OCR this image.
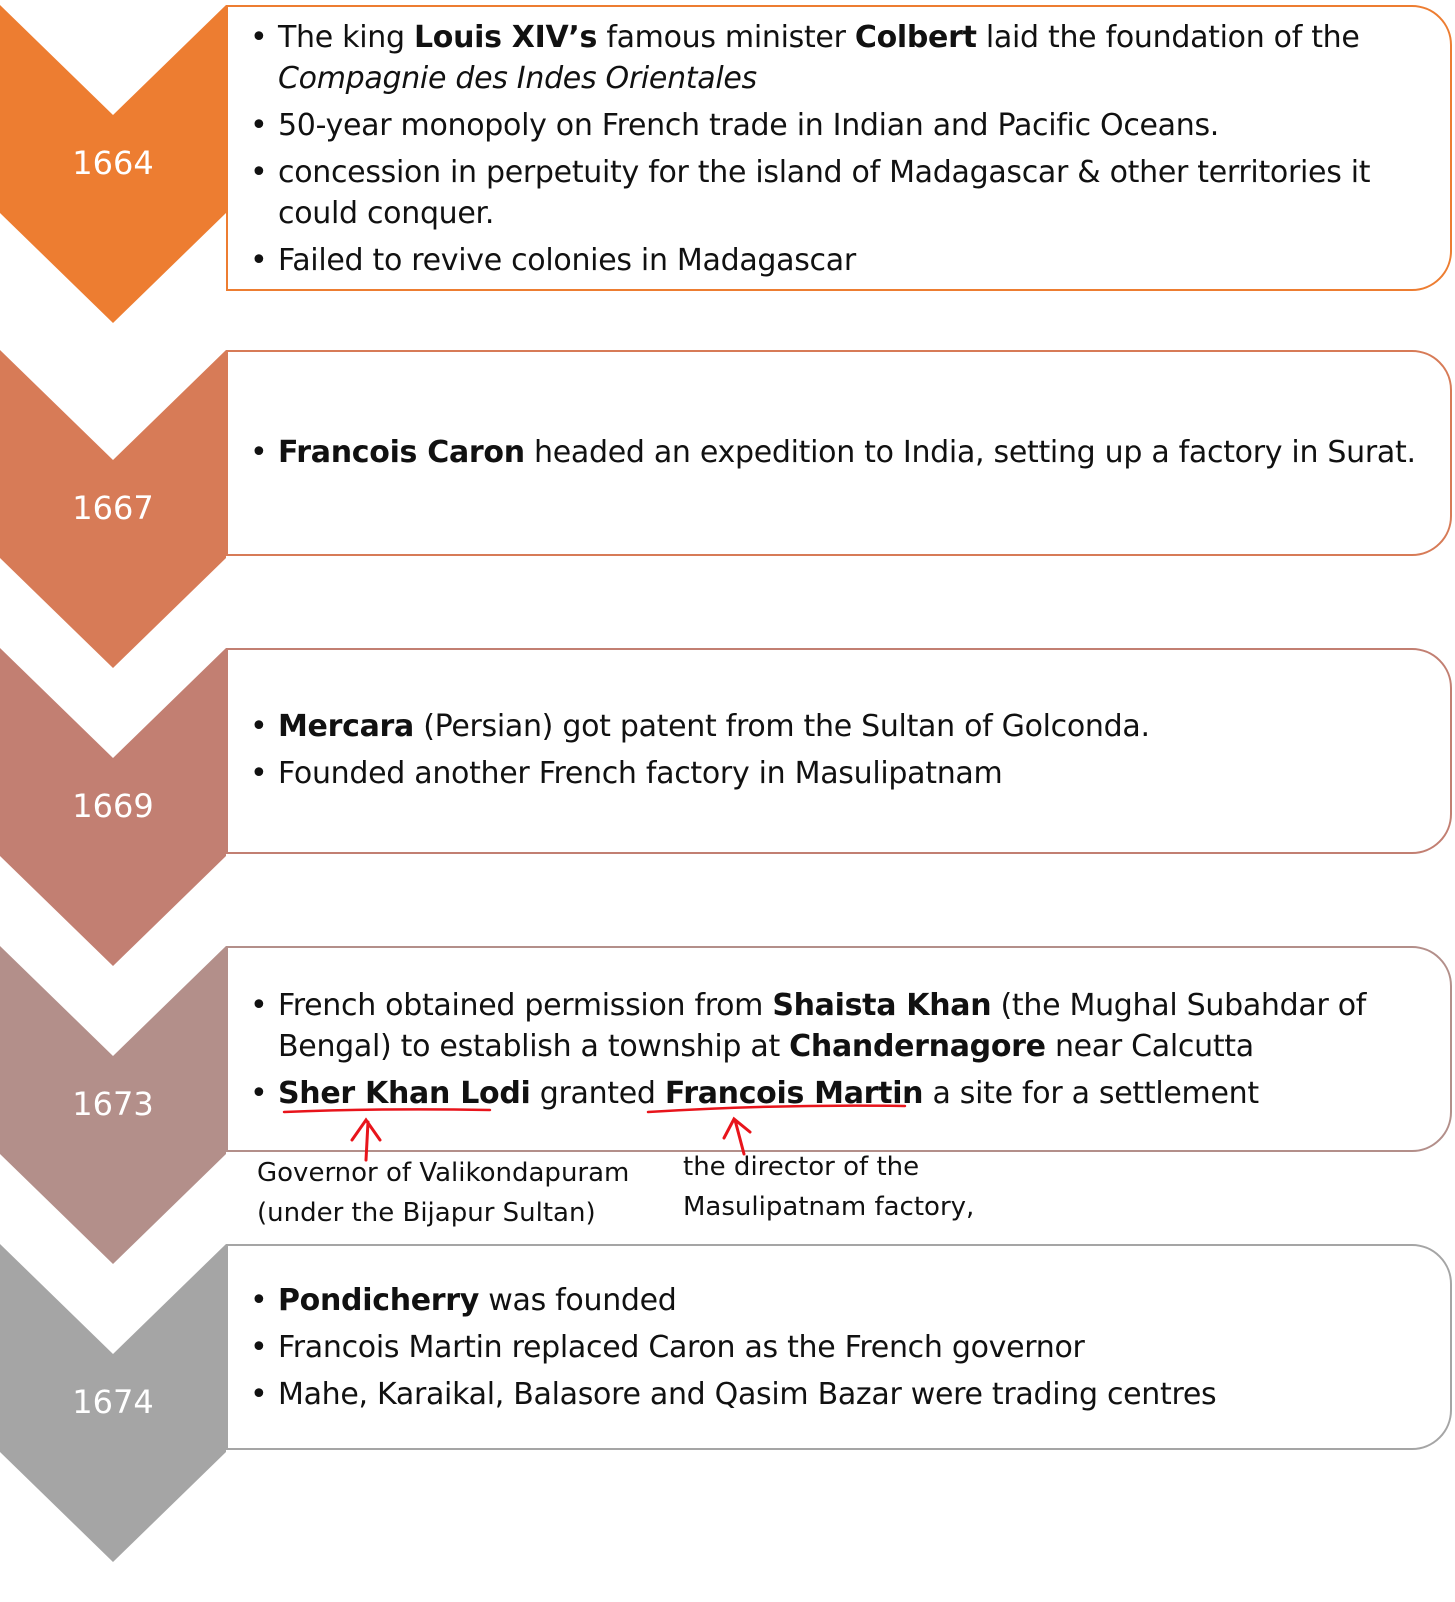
1664
1667
1669
1673
1674
• The king Louis XIV’s famous minister Colbert laid the foundation of the Compagnie des Indes Orientales
• 50-year monopoly on French trade in Indian and Pacific Oceans.
• concession in perpetuity for the island of Madagascar & other territories it could conquer.
• Failed to revive colonies in Madagascar
• Francois Caron headed an expedition to India, setting up a factory in Surat.
• Mercara (Persian) got patent from the Sultan of Golconda.
• Founded another French factory in Masulipatnam
• French obtained permission from Shaista Khan (the Mughal Subahdar of Bengal) to establish a township at Chandernagore near Calcutta
• Sher Khan Lodi granted Francois Martin a site for a settlement
• Pondicherry was founded
• Francois Martin replaced Caron as the French governor
• Mahe, Karaikal, Balasore and Qasim Bazar were trading centres
Governor of Valikondapuram
(under the Bijapur Sultan)
the director of the
Masulipatnam factory,
